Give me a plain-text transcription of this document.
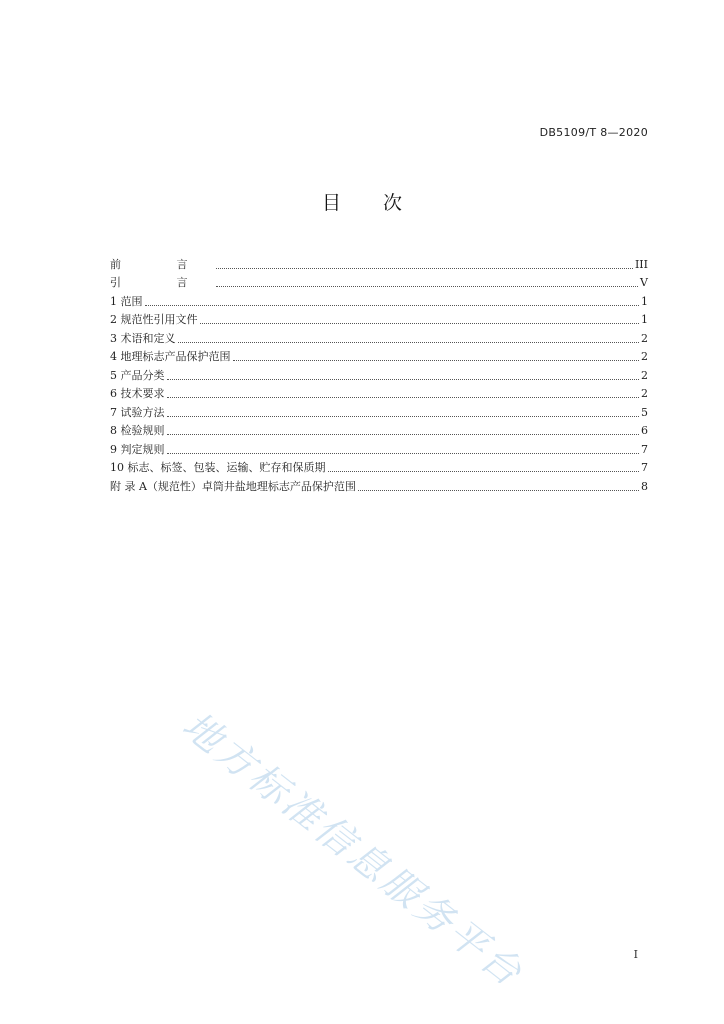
DB5109/T 8—2020
目 次
前 言	III
引 言	V
1 范围	1
2 规范性引用文件	1
3 术语和定义	2
4 地理标志产品保护范围	2
5 产品分类	2
6 技术要求	2
7 试验方法	5
8 检验规则	6
9 判定规则	7
10 标志、标签、包装、运输、贮存和保质期	7
附 录 A（规范性）卓筒井盐地理标志产品保护范围	8
地方标准信息服务平台	I
